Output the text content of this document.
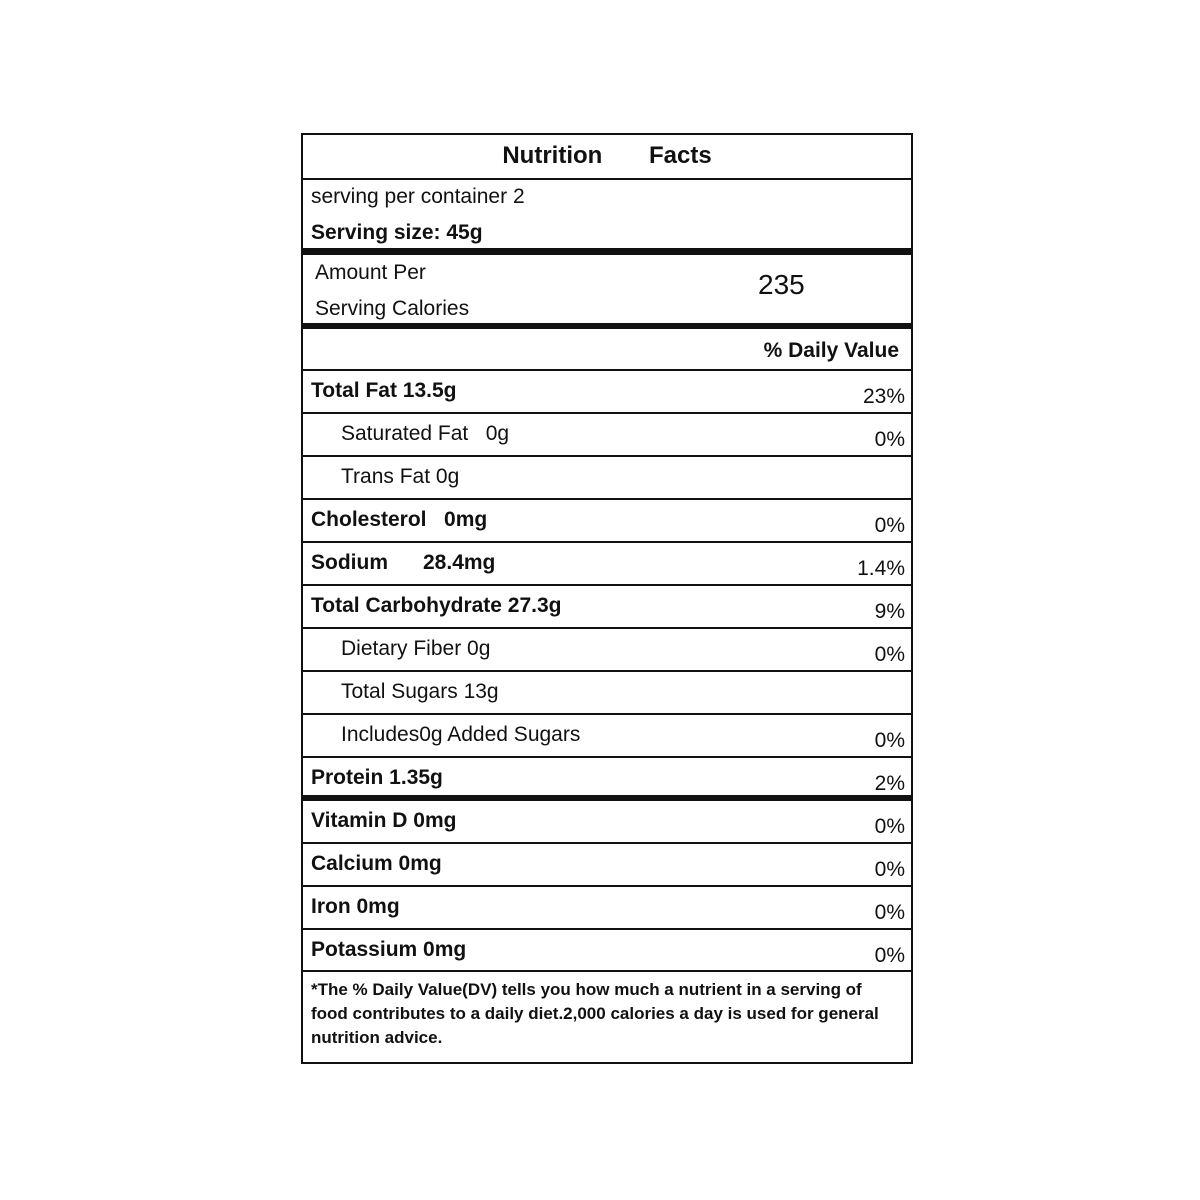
Nutrition Facts
serving per container 2
Serving size: 45g
Amount Per
Serving Calories
235
% Daily Value
Total Fat 13.5g	23%
Saturated Fat   0g	0%
Trans Fat 0g
Cholesterol   0mg	0%
Sodium      28.4mg	1.4%
Total Carbohydrate 27.3g	9%
Dietary Fiber 0g	0%
Total Sugars 13g
Includes0g Added Sugars	0%
Protein 1.35g	2%
Vitamin D 0mg	0%
Calcium 0mg	0%
Iron 0mg	0%
Potassium 0mg	0%
*The % Daily Value(DV) tells you how much a nutrient in a serving of food contributes to a daily diet.2,000 calories a day is used for general nutrition advice.
